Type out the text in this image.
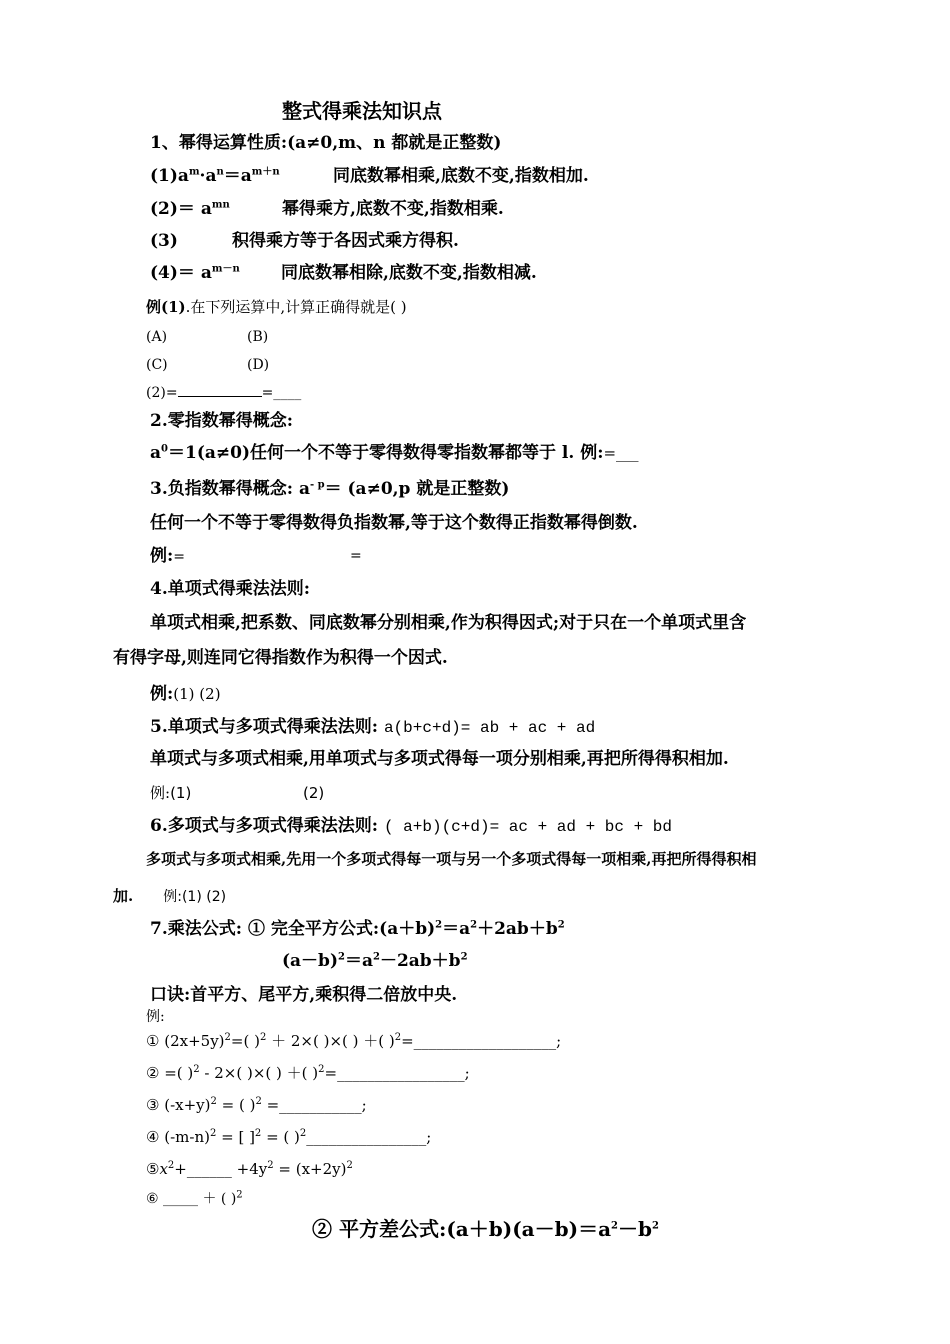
整式得乘法知识点
1、幂得运算性质:(a≠0,m、n 都就是正整数)
$(1)a^m\cdot a^n=a^{m+n}$	同底数幂相乘,底数不变,指数相加.
$(2)= a^{mn}$	幂得乘方,底数不变,指数相乘.
(3)	积得乘方等于各因式乘方得积.
$(4)= a^{m-n}$ 同底数幂相除,底数不变,指数相减.
例(1).在下列运算中,计算正确得就是( )
(A)	(B)
(C)	(D)
(2)=	=____
2.零指数幂得概念:
$a^0=1(a\ne 0)$任何一个不等于零得数得零指数幂都等于 l. 例:=___
3.负指数幂得概念: $a^{- p}= (a\ne 0,p$ 就是正整数)
任何一个不等于零得数得负指数幂,等于这个数得正指数幂得倒数.
例:=	=
4.单项式得乘法法则:
单项式相乘,把系数、同底数幂分别相乘,作为积得因式;对于只在一个单项式里含
有得字母,则连同它得指数作为积得一个因式.
例:(1) (2)
5.单项式与多项式得乘法法则: a(b+c+d)= ab + ac + ad
单项式与多项式相乘,用单项式与多项式得每一项分别相乘,再把所得得积相加.
例:(1)	(2)
6.多项式与多项式得乘法法则: ( a+b)(c+d)= ac + ad + bc + bd
多项式与多项式相乘,先用一个多项式得每一项与另一个多项式得每一项相乘,再把所得得积相
加. 例:(1) (2)
7.乘法公式: ① 完全平方公式$:(a+b)^2=a^2+2ab+b^2$
$(a-b)^2=a^2-2ab+b^2$
口诀:首平方、尾平方,乘积得二倍放中央.
例:
① $(2x+5y)^2=$( )$^2$ ＋ 2×( )×( ) ＋( )$^2$=___________________;
② =( )$^2$ - 2×( )×( ) ＋( )$^2$=_________________;
③ $(-x+y)^2$ = ( )$^2$ =___________;
④ $(-m-n)^2$ = [ ]$^2$ = ( )$^2$________________;
$⑤x^2+\_\_\_\_\_\_ +4y^2 = (x+2y)^2$
⑥ _____ ＋ ( )$^2$
② 平方差公式$:(a+b)(a-b)=a^2-b^2$
